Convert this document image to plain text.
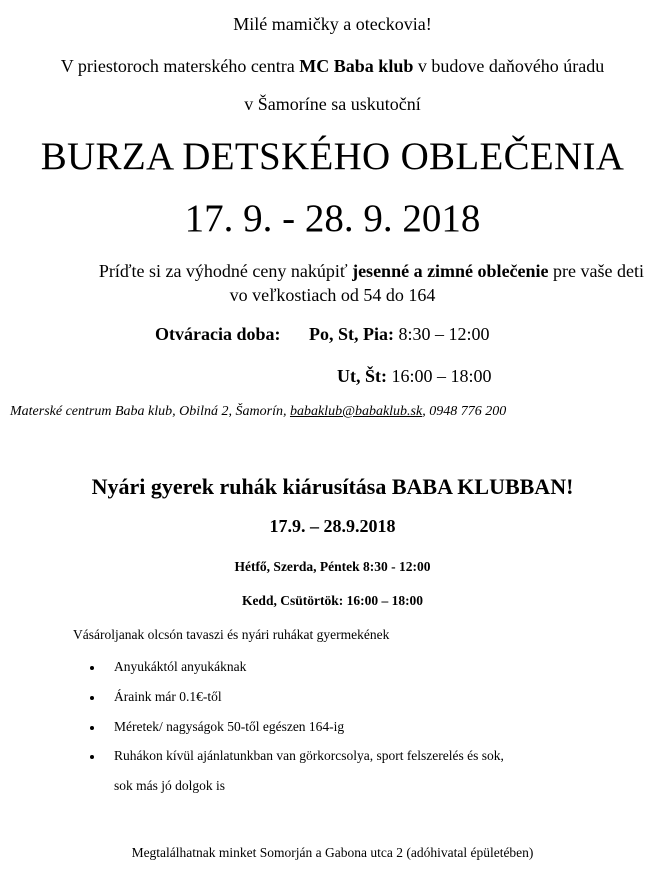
Milé mamičky a oteckovia!
V priestoroch materského centra MC Baba klub v budove daňového úradu
v Šamoríne sa uskutoční
BURZA DETSKÉHO OBLEČENIA
17. 9. - 28. 9. 2018
Príďte si za výhodné ceny nakúpiť jesenné a zimné oblečenie pre vaše deti
vo veľkostiach od 54 do 164
Otváracia doba: Po, St, Pia: 8:30 – 12:00
Ut, Št: 16:00 – 18:00
Materské centrum Baba klub, Obilná 2, Šamorín, babaklub@babaklub.sk, 0948 776 200
Nyári gyerek ruhák kiárusítása BABA KLUBBAN!
17.9. – 28.9.2018
Hétfő, Szerda, Péntek 8:30 - 12:00
Kedd, Csütörtök: 16:00 – 18:00
Vásároljanak olcsón tavaszi és nyári ruhákat gyermekének
Anyukáktól anyukáknak
Áraink már 0.1€-től
Méretek/ nagyságok 50-től egészen 164-ig
Ruhákon kívül ajánlatunkban van görkorcsolya, sport felszerelés és sok,
sok más jó dolgok is
Megtalálhatnak minket Somorján a Gabona utca 2 (adóhivatal épületében)
